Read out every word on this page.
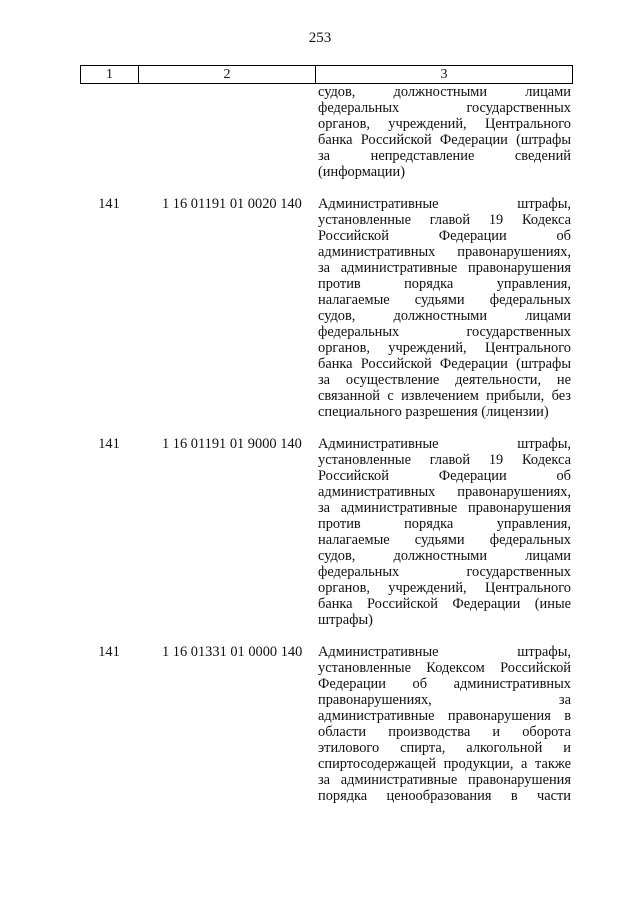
253
1	2	3
судов, должностными лицами
федеральных государственных
органов, учреждений, Центрального
банка Российской Федерации (штрафы
за непредставление сведений
(информации)
141	1 16 01191 01 0020 140	Административные штрафы,
установленные главой 19 Кодекса
Российской Федерации об
административных правонарушениях,
за административные правонарушения
против порядка управления,
налагаемые судьями федеральных
судов, должностными лицами
федеральных государственных
органов, учреждений, Центрального
банка Российской Федерации (штрафы
за осуществление деятельности, не
связанной с извлечением прибыли, без
специального разрешения (лицензии)
141	1 16 01191 01 9000 140	Административные штрафы,
установленные главой 19 Кодекса
Российской Федерации об
административных правонарушениях,
за административные правонарушения
против порядка управления,
налагаемые судьями федеральных
судов, должностными лицами
федеральных государственных
органов, учреждений, Центрального
банка Российской Федерации (иные
штрафы)
141	1 16 01331 01 0000 140	Административные штрафы,
установленные Кодексом Российской
Федерации об административных
правонарушениях, за
административные правонарушения в
области производства и оборота
этилового спирта, алкогольной и
спиртосодержащей продукции, а также
за административные правонарушения
порядка ценообразования в части
